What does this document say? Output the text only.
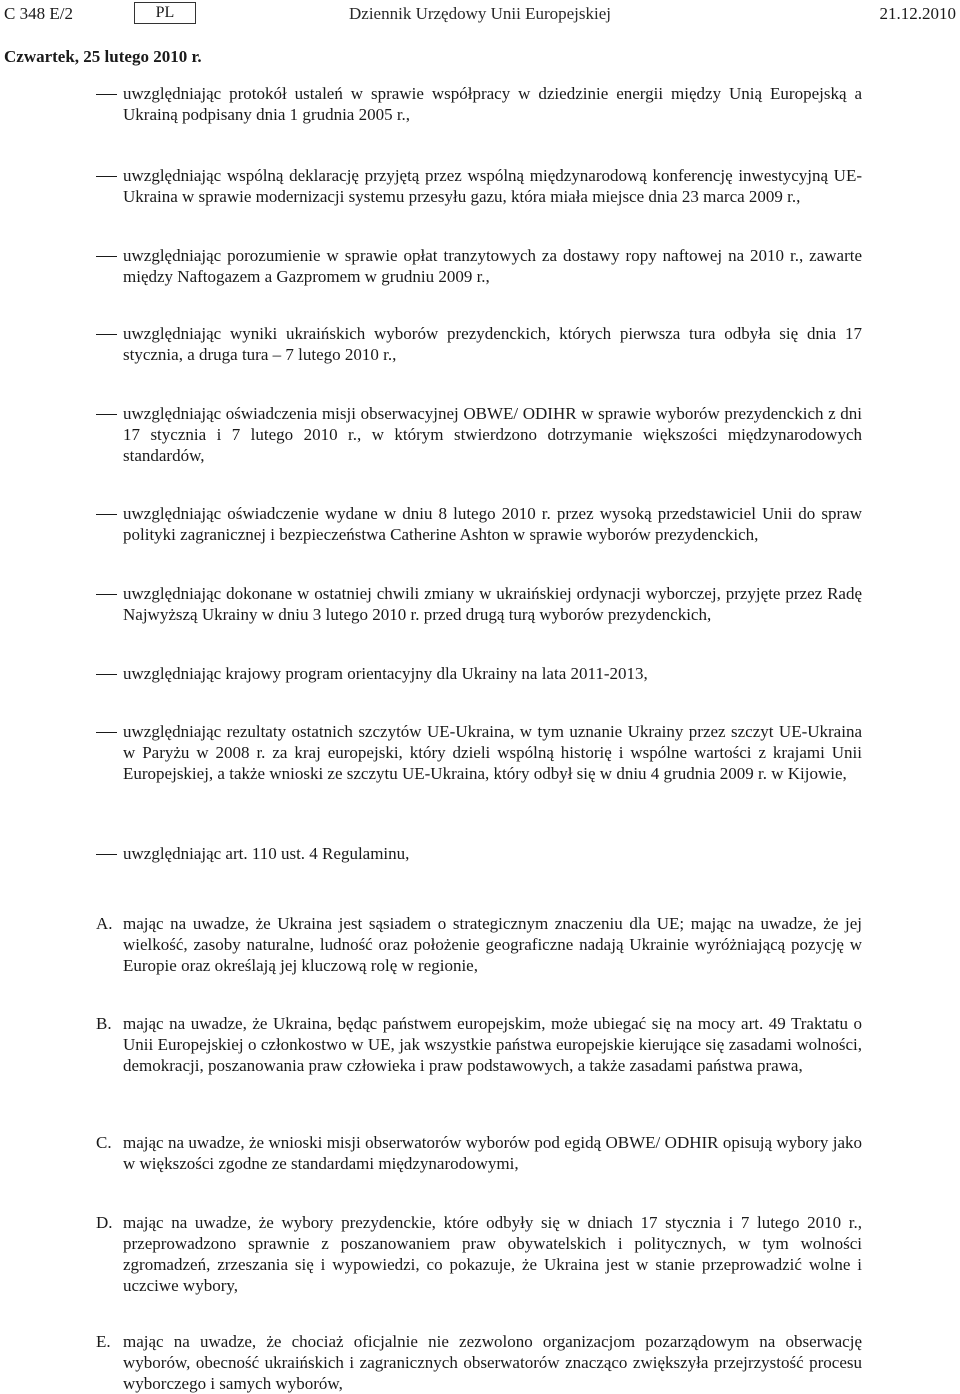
C 348 E/2	PL	Dziennik Urzędowy Unii Europejskiej	21.12.2010
Czwartek, 25 lutego 2010 r.

uwzględniając protokół ustaleń w sprawie współpracy w dziedzinie energii między Unią Europejską a Ukrainą podpisany dnia 1 grudnia 2005 r.,

uwzględniając wspólną deklarację przyjętą przez wspólną międzynarodową konferencję inwestycyjną UE-Ukraina w sprawie modernizacji systemu przesyłu gazu, która miała miejsce dnia 23 marca 2009 r.,

uwzględniając porozumienie w sprawie opłat tranzytowych za dostawy ropy naftowej na 2010 r., zawarte między Naftogazem a Gazpromem w grudniu 2009 r.,

uwzględniając wyniki ukraińskich wyborów prezydenckich, których pierwsza tura odbyła się dnia 17 stycznia, a druga tura – 7 lutego 2010 r.,

uwzględniając oświadczenia misji obserwacyjnej OBWE/ ODIHR w sprawie wyborów prezydenckich z dni 17 stycznia i 7 lutego 2010 r., w którym stwierdzono dotrzymanie większości międzynarodowych standardów,

uwzględniając oświadczenie wydane w dniu 8 lutego 2010 r. przez wysoką przedstawiciel Unii do spraw polityki zagranicznej i bezpieczeństwa Catherine Ashton w sprawie wyborów prezydenckich,

uwzględniając dokonane w ostatniej chwili zmiany w ukraińskiej ordynacji wyborczej, przyjęte przez Radę Najwyższą Ukrainy w dniu 3 lutego 2010 r. przed drugą turą wyborów prezydenckich,

uwzględniając krajowy program orientacyjny dla Ukrainy na lata 2011-2013,

uwzględniając rezultaty ostatnich szczytów UE-Ukraina, w tym uznanie Ukrainy przez szczyt UE-Ukraina w Paryżu w 2008 r. za kraj europejski, który dzieli wspólną historię i wspólne wartości z krajami Unii Europejskiej, a także wnioski ze szczytu UE-Ukraina, który odbył się w dniu 4 grudnia 2009 r. w Kijowie,

uwzględniając art. 110 ust. 4 Regulaminu,

A. mając na uwadze, że Ukraina jest sąsiadem o strategicznym znaczeniu dla UE; mając na uwadze, że jej wielkość, zasoby naturalne, ludność oraz położenie geograficzne nadają Ukrainie wyróżniającą pozycję w Europie oraz określają jej kluczową rolę w regionie,

B. mając na uwadze, że Ukraina, będąc państwem europejskim, może ubiegać się na mocy art. 49 Traktatu o Unii Europejskiej o członkostwo w UE, jak wszystkie państwa europejskie kierujące się zasadami wolności, demokracji, poszanowania praw człowieka i praw podstawowych, a także zasadami państwa prawa,

C. mając na uwadze, że wnioski misji obserwatorów wyborów pod egidą OBWE/ ODHIR opisują wybory jako w większości zgodne ze standardami międzynarodowymi,

D. mając na uwadze, że wybory prezydenckie, które odbyły się w dniach 17 stycznia i 7 lutego 2010 r., przeprowadzono sprawnie z poszanowaniem praw obywatelskich i politycznych, w tym wolności zgromadzeń, zrzeszania się i wypowiedzi, co pokazuje, że Ukraina jest w stanie przeprowadzić wolne i uczciwe wybory,

E. mając na uwadze, że chociaż oficjalnie nie zezwolono organizacjom pozarządowym na obserwację wyborów, obecność ukraińskich i zagranicznych obserwatorów znacząco zwiększyła przejrzystość procesu wyborczego i samych wyborów,
